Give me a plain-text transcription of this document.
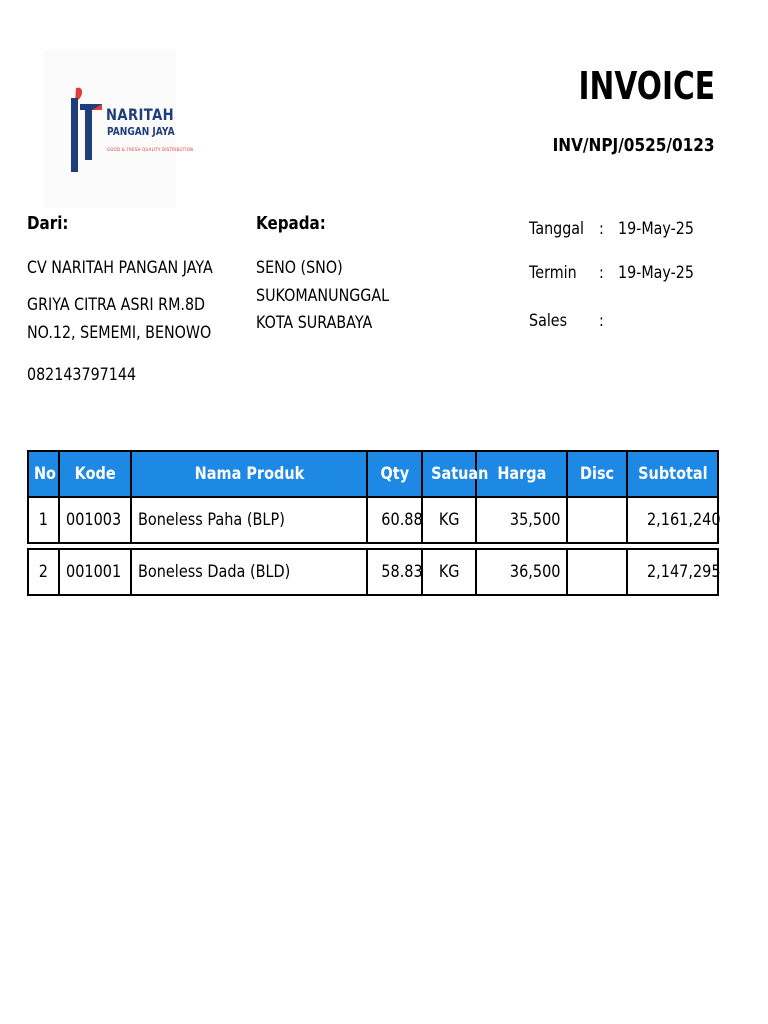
NARITAH
PANGAN JAYA
GOOD & FRESH QUALITY DISTRIBUTION
INVOICE
INV/NPJ/0525/0123
Dari:
CV NARITAH PANGAN JAYA
GRIYA CITRA ASRI RM.8D
NO.12, SEMEMI, BENOWO
082143797144
Kepada:
SENO (SNO)
SUKOMANUNGGAL
KOTA SURABAYA
Tanggal : 19-May-25
Termin : 19-May-25
Sales :
No	Kode	Nama Produk	Qty	Satuan	Harga	Disc	Subtotal
1	001003	Boneless Paha (BLP)	60.88	KG	35,500		2,161,240

2	001001	Boneless Dada (BLD)	58.83	KG	36,500		2,147,295
